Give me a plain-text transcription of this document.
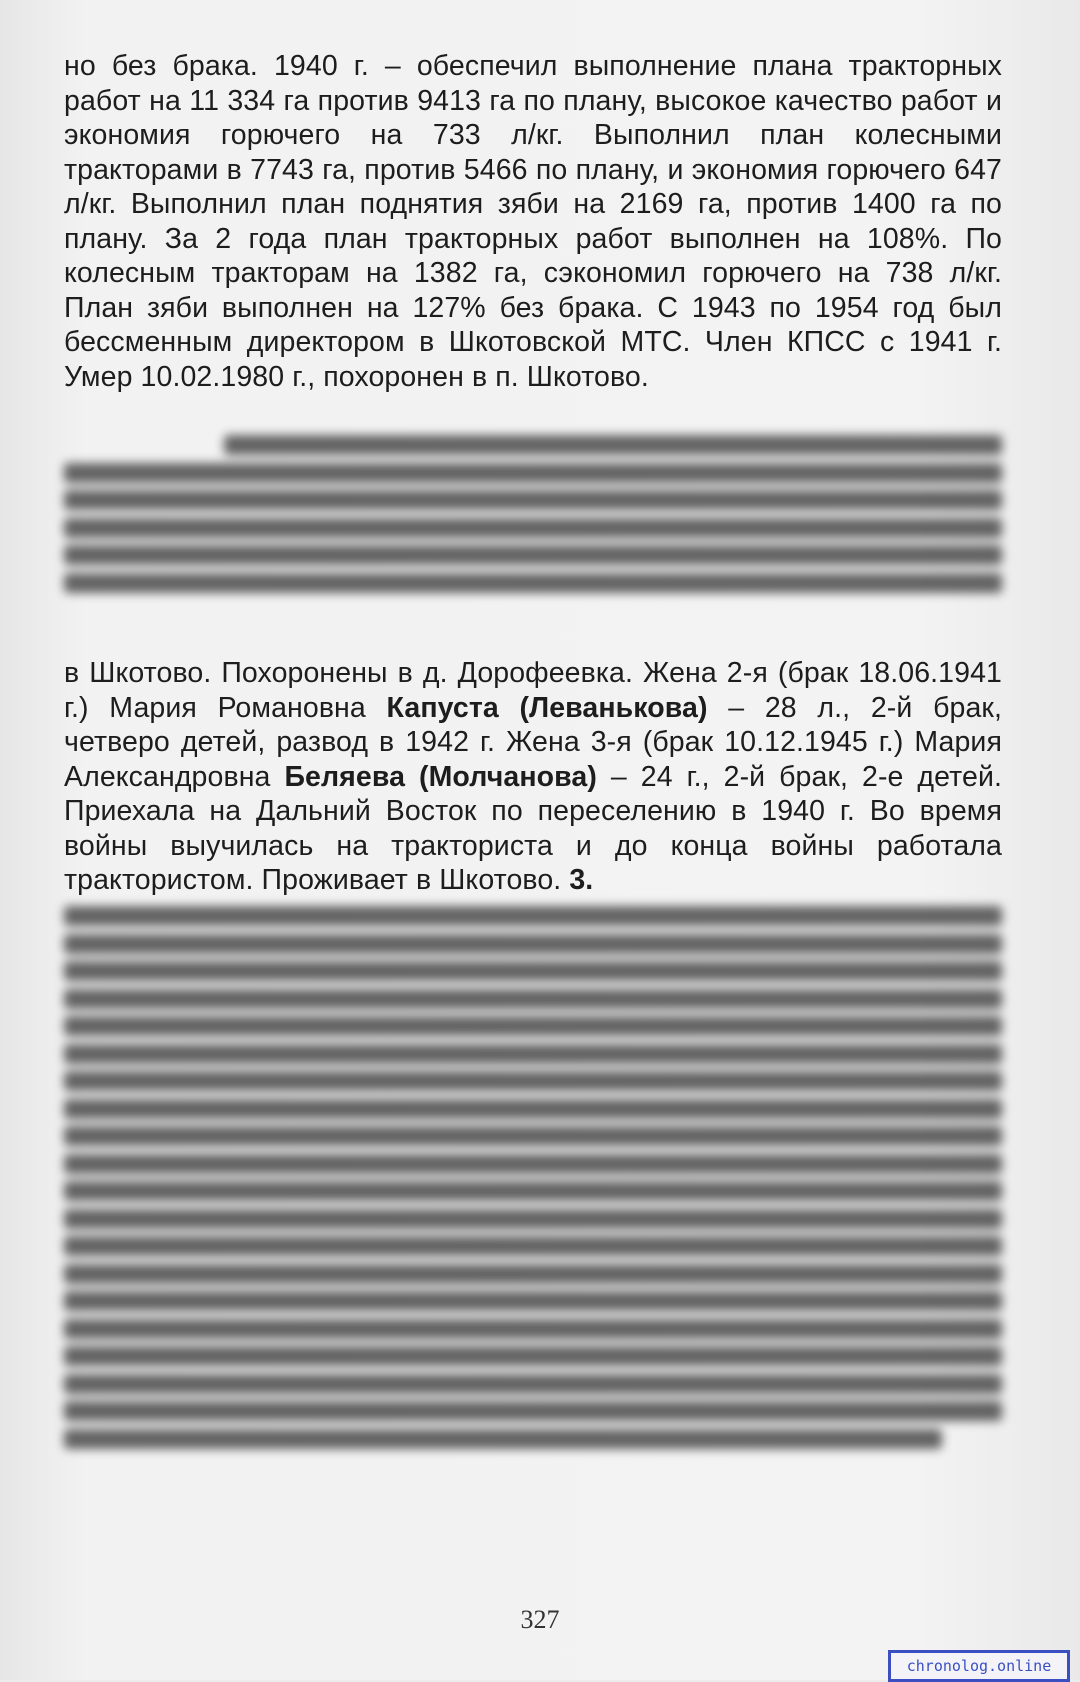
но без брака. 1940 г. – обеспечил выполнение плана тракторных работ на 11 334 га против 9413 га по плану, высокое качество работ и экономия горючего на 733 л/кг. Выполнил план колесными тракторами в 7743 га, против 5466 по плану, и экономия горючего 647 л/кг. Выполнил план поднятия зяби на 2169 га, против 1400 га по плану. За 2 года план тракторных работ выполнен на 108%. По колесным тракторам на 1382 га, сэкономил горючего на 738 л/кг. План зяби выполнен на 127% без брака. С 1943 по 1954 год был бессменным директором в Шкотовской МТС. Член КПСС с 1941 г. Умер 10.02.1980 г., похоронен в п. Шкотово.

в Шкотово. Похоронены в д. Дорофеевка. Жена 2-я (брак 18.06.1941 г.) Мария Романовна Капуста (Леванькова) – 28 л., 2-й брак, четверо детей, развод в 1942 г. Жена 3-я (брак 10.12.1945 г.) Мария Александровна Беляева (Молчанова) – 24 г., 2-й брак, 2-е детей. Приехала на Дальний Восток по переселению в 1940 г. Во время войны выучилась на тракториста и до конца войны работала трактористом. Проживает в Шкотово. 3.

327
chronolog.online
